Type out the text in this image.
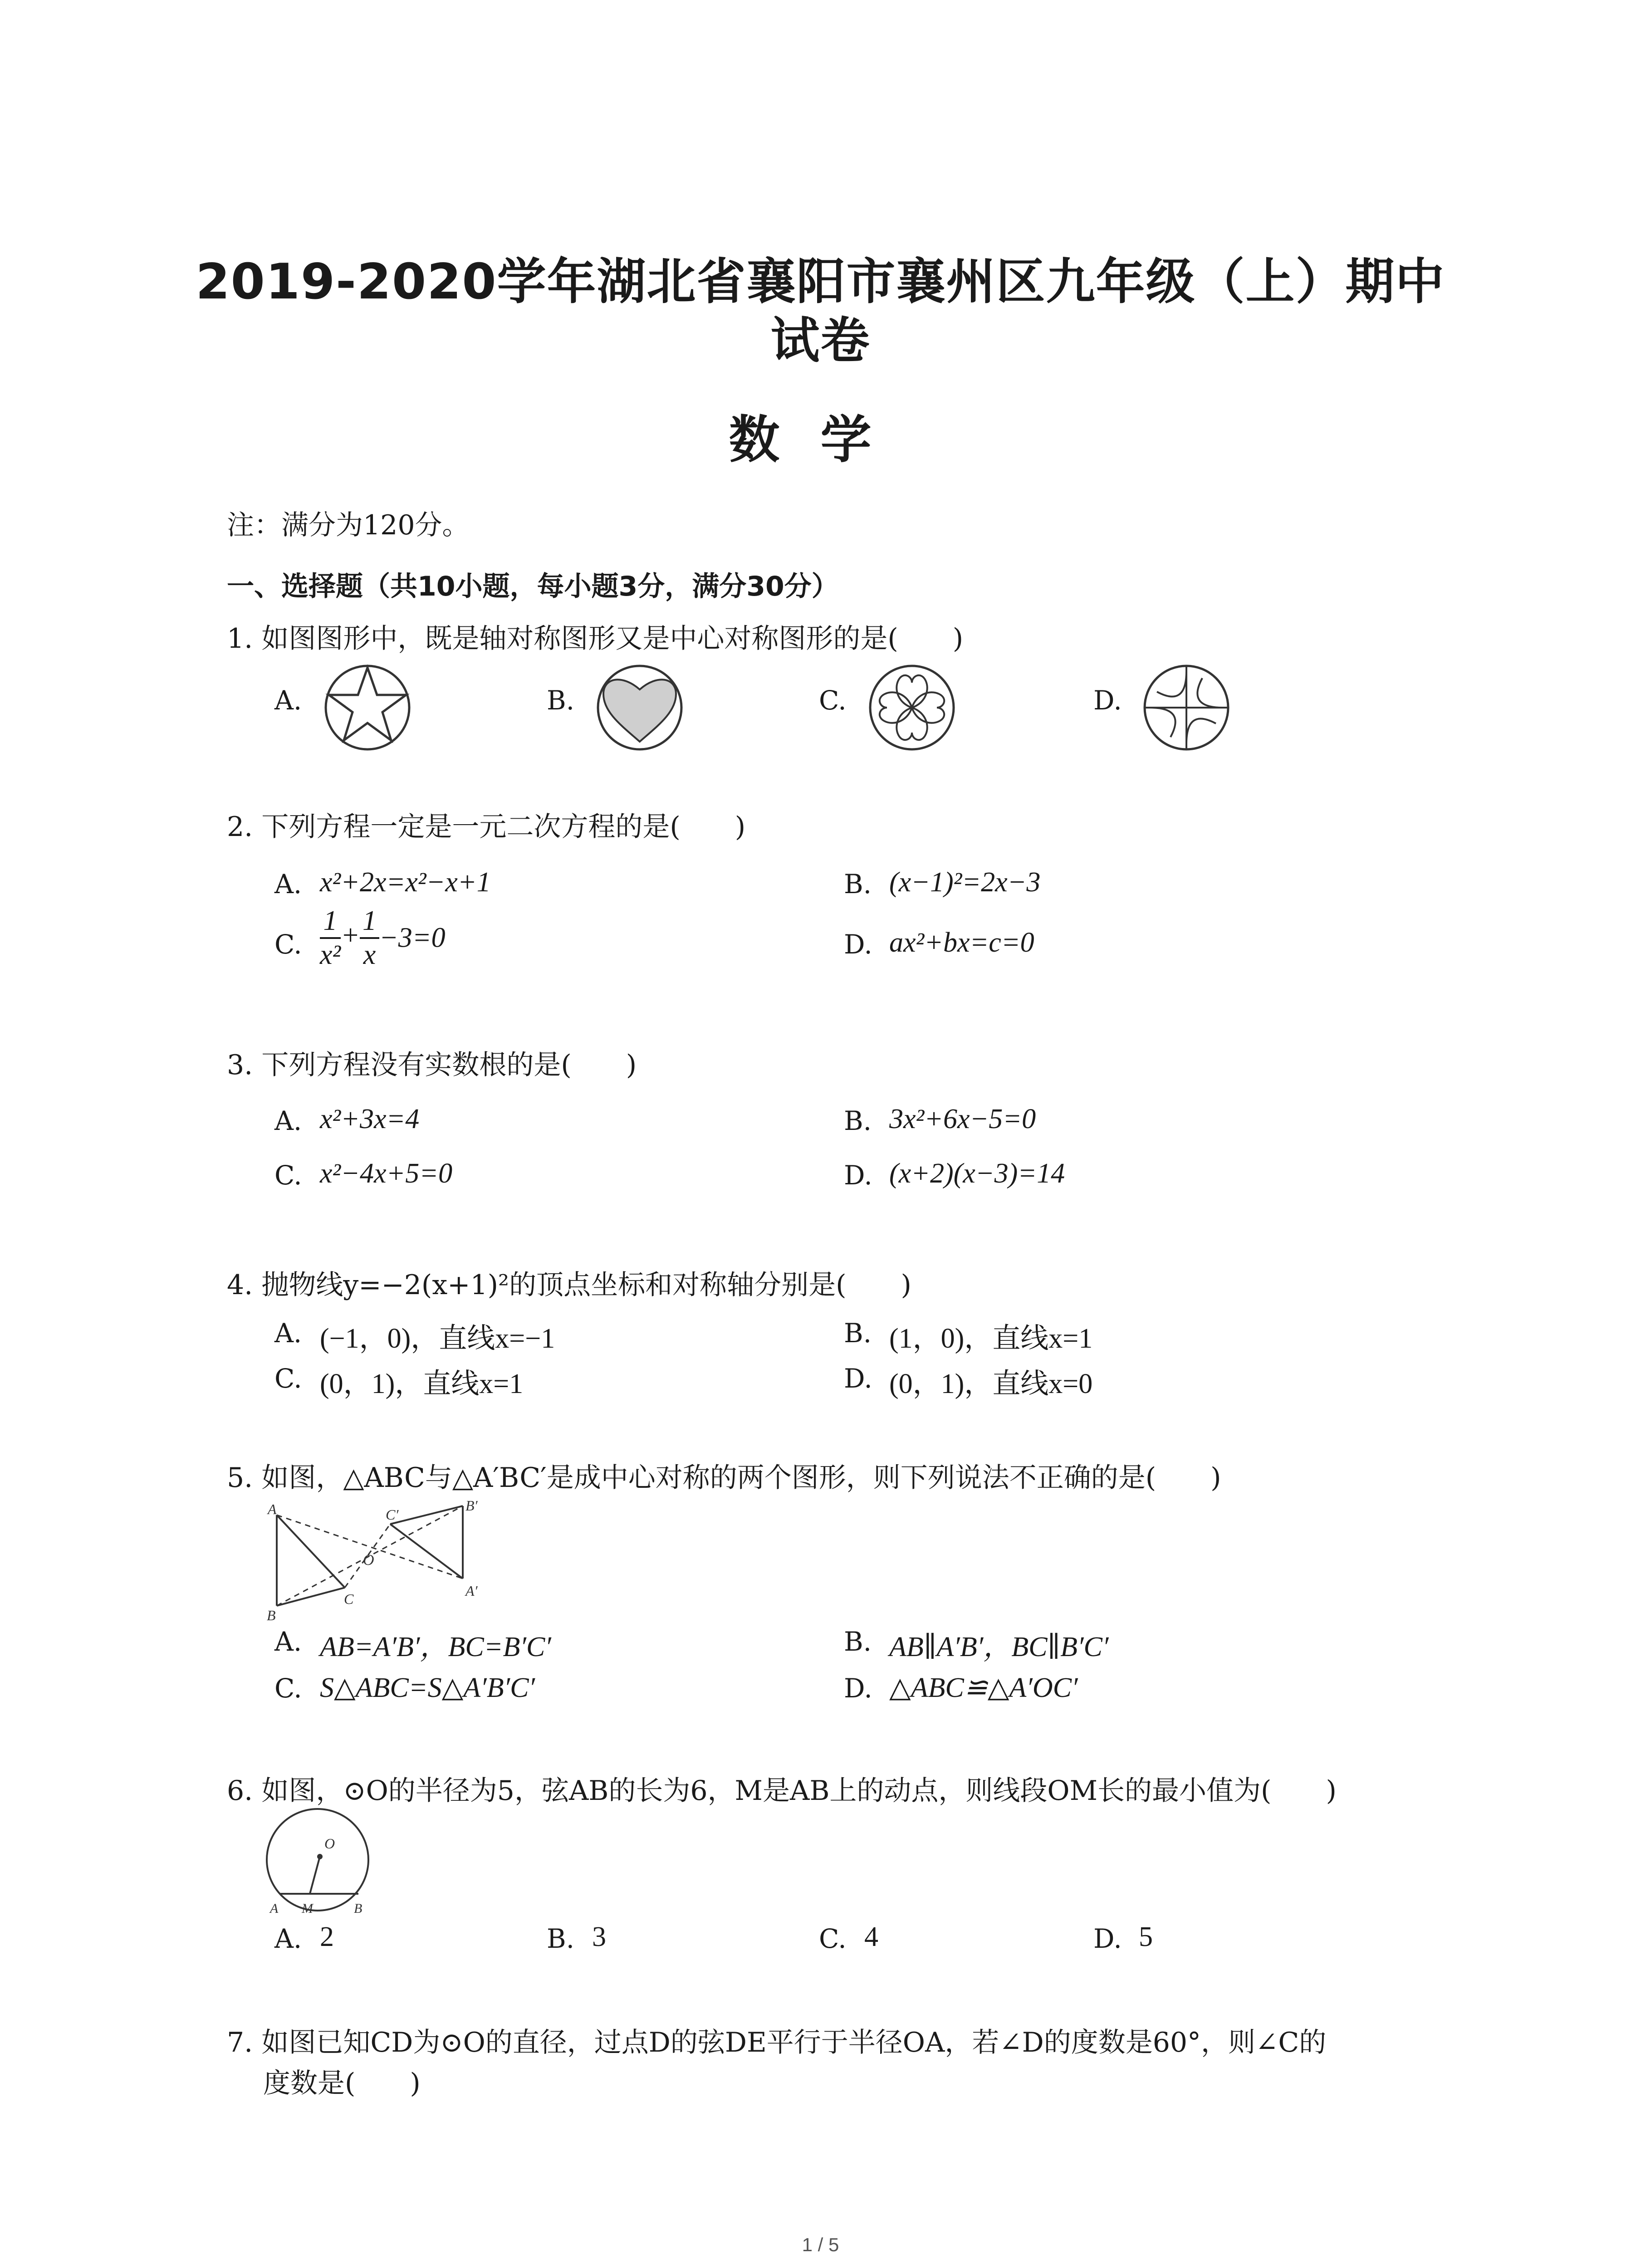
2019-2020学年湖北省襄阳市襄州区九年级（上）期中
试卷
数学
注：满分为120分。
一、选择题（共10小题，每小题3分，满分30分）
1. 如图图形中，既是轴对称图形又是中心对称图形的是(　　)
A.	B.	C.	D.
2. 下列方程一定是一元二次方程的是(　　)
A. x²+2x=x²−x+1	B. (x−1)²=2x−3
C. $\frac{1}{\text{x²}} + \frac{1}{x} -3=0$	D. ax²+bx=c=0
3. 下列方程没有实数根的是(　　)
A. x²+3x=4	B. 3x²+6x−5=0
C. x²−4x+5=0	D. (x+2)(x−3)=14
4. 抛物线y=−2(x+1)²的顶点坐标和对称轴分别是(　　)
A. (−1，0)，直线x=−1	B. (1，0)，直线x=1
C. (0，1)，直线x=1	D. (0，1)，直线x=0
5. 如图，△ABC与△A′BC′是成中心对称的两个图形，则下列说法不正确的是(　　)
A
B
C
O
C′
B′
A′
A. AB=A′B′，BC=B′C′	B. AB∥A′B′，BC∥B′C′
C. S△ABC=S△A′B′C′	D. △ABC≌△A′OC′
6. 如图，⊙O的半径为5，弦AB的长为6，M是AB上的动点，则线段OM长的最小值为(　　)
O
A M	B
A. 2	B. 3	C. 4	D. 5
7. 如图已知CD为⊙O的直径，过点D的弦DE平行于半径OA，若∠D的度数是60°，则∠C的
度数是(　　)
1 / 5
